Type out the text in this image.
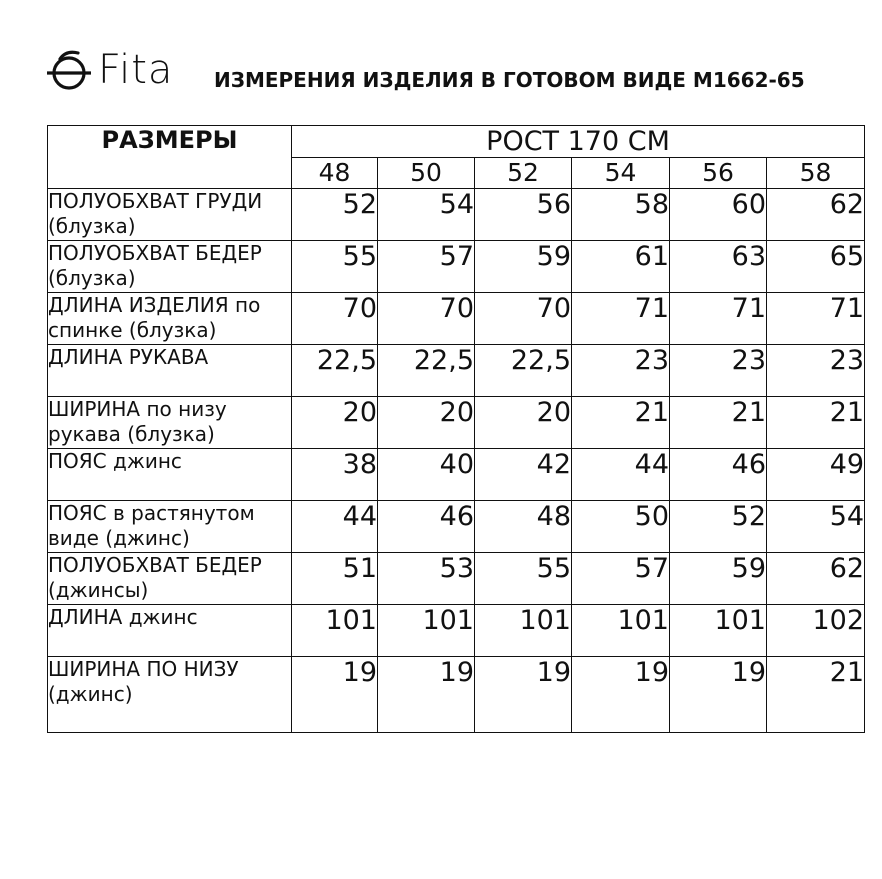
Fita ИЗМЕРЕНИЯ ИЗДЕЛИЯ В ГОТОВОМ ВИДЕ М1662-65
РАЗМЕРЫ	РОСТ 170 СМ					
	48	50	52	54	56	58
ПОЛУОБХВАТ ГРУДИ (блузка)	52	54	56	58	60	62
ПОЛУОБХВАТ БЕДЕР (блузка)	55	57	59	61	63	65
ДЛИНА ИЗДЕЛИЯ по спинке (блузка)	70	70	70	71	71	71
ДЛИНА РУКАВА	22,5	22,5	22,5	23	23	23
ШИРИНА по низу рукава (блузка)	20	20	20	21	21	21
ПОЯС джинс	38	40	42	44	46	49
ПОЯС в растянутом виде (джинс)	44	46	48	50	52	54
ПОЛУОБХВАТ БЕДЕР (джинсы)	51	53	55	57	59	62
ДЛИНА джинс	101	101	101	101	101	102
ШИРИНА ПО НИЗУ (джинс)	19	19	19	19	19	21
